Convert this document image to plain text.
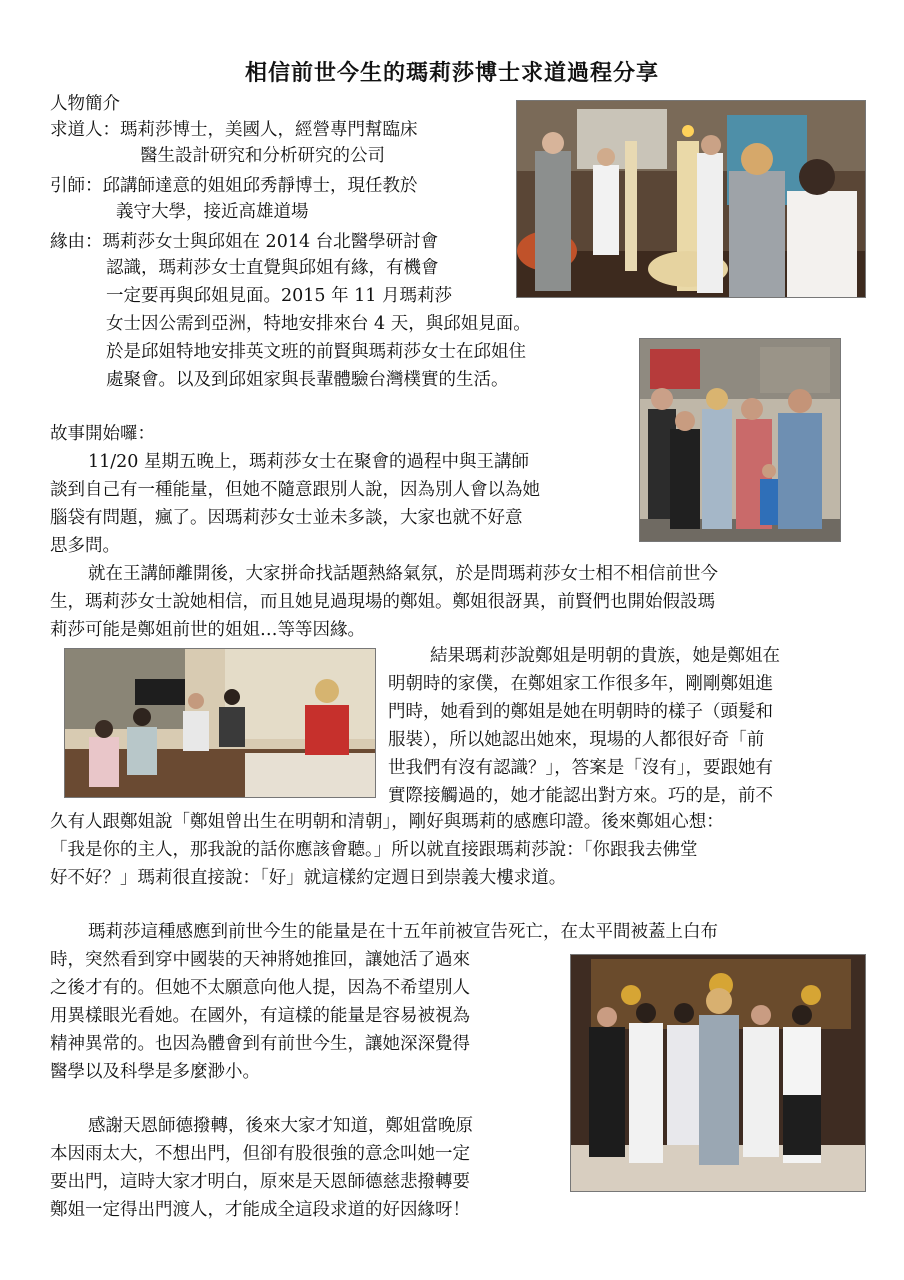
相信前世今生的瑪莉莎博士求道過程分享
人物簡介
求道人：瑪莉莎博士，美國人，經營專門幫臨床
醫生設計研究和分析研究的公司
引師：邱講師達意的姐姐邱秀靜博士，現任教於
義守大學，接近高雄道場
緣由：瑪莉莎女士與邱姐在 2014 台北醫學研討會
認識，瑪莉莎女士直覺與邱姐有緣，有機會
一定要再與邱姐見面。2015 年 11 月瑪莉莎
女士因公需到亞洲，特地安排來台 4 天，與邱姐見面。
於是邱姐特地安排英文班的前賢與瑪莉莎女士在邱姐住
處聚會。以及到邱姐家與長輩體驗台灣樸實的生活。
故事開始囉：
11/20 星期五晚上，瑪莉莎女士在聚會的過程中與王講師
談到自己有一種能量，但她不隨意跟別人說，因為別人會以為她
腦袋有問題，瘋了。因瑪莉莎女士並未多談，大家也就不好意
思多問。
就在王講師離開後，大家拼命找話題熱絡氣氛，於是問瑪莉莎女士相不相信前世今
生，瑪莉莎女士說她相信，而且她見過現場的鄭姐。鄭姐很訝異，前賢們也開始假設瑪
莉莎可能是鄭姐前世的姐姐…等等因緣。
結果瑪莉莎說鄭姐是明朝的貴族，她是鄭姐在
明朝時的家僕，在鄭姐家工作很多年，剛剛鄭姐進
門時，她看到的鄭姐是她在明朝時的樣子（頭髮和
服裝），所以她認出她來，現場的人都很好奇「前
世我們有沒有認識？」，答案是「沒有」，要跟她有
實際接觸過的，她才能認出對方來。巧的是，前不
久有人跟鄭姐說「鄭姐曾出生在明朝和清朝」，剛好與瑪莉的感應印證。後來鄭姐心想：
「我是你的主人，那我說的話你應該會聽。」所以就直接跟瑪莉莎說：「你跟我去佛堂
好不好？」瑪莉很直接說：「好」就這樣約定週日到崇義大樓求道。
瑪莉莎這種感應到前世今生的能量是在十五年前被宣告死亡，在太平間被蓋上白布
時，突然看到穿中國裝的天神將她推回，讓她活了過來
之後才有的。但她不太願意向他人提，因為不希望別人
用異樣眼光看她。在國外，有這樣的能量是容易被視為
精神異常的。也因為體會到有前世今生，讓她深深覺得
醫學以及科學是多麼渺小。
感謝天恩師德撥轉，後來大家才知道，鄭姐當晚原
本因雨太大，不想出門，但卻有股很強的意念叫她一定
要出門，這時大家才明白，原來是天恩師德慈悲撥轉要
鄭姐一定得出門渡人，才能成全這段求道的好因緣呀！
